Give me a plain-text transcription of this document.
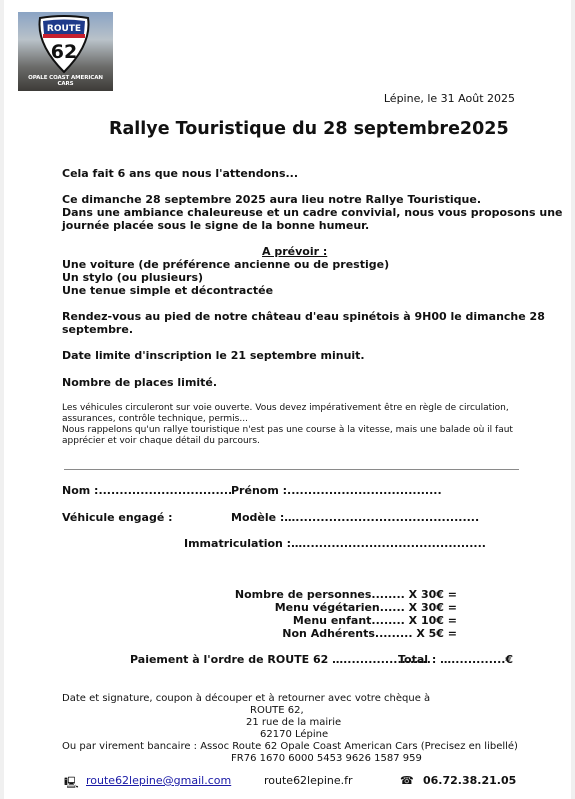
ROUTE
62
OPALE COAST AMERICAN CARS
Lépine, le 31 Août 2025
Rallye Touristique du 28 septembre2025
Cela fait 6 ans que nous l'attendons...
Ce dimanche 28 septembre 2025 aura lieu notre Rallye Touristique.
Dans une ambiance chaleureuse et un cadre convivial, nous vous proposons une
journée placée sous le signe de la bonne humeur.
A prévoir :
Une voiture (de préférence ancienne ou de prestige)
Un stylo (ou plusieurs)
Une tenue simple et décontractée
Rendez-vous au pied de notre château d'eau spinétois à 9H00 le dimanche 28
septembre.
Date limite d'inscription le 21 septembre minuit.
Nombre de places limité.
Les véhicules circuleront sur voie ouverte. Vous devez impérativement être en règle de circulation,
assurances, contrôle technique, permis...
Nous rappelons qu'un rallye touristique n'est pas une course à la vitesse, mais une balade où il faut
apprécier et voir chaque détail du parcours.
Nom :................................
Prénom :.....................................
Véhicule engagé :	Modèle :…............................................
Immatriculation :…............................................
Nombre de personnes........ X 30€ =
Menu végétarien...... X 30€ =
Menu enfant........ X 10€ =
Non Adhérents......... X 5€ =
Paiement à l'ordre de ROUTE 62 ….....................
Total : ….............€
Date et signature, coupon à découper et à retourner avec votre chèque à
ROUTE 62,
21 rue de la mairie
62170 Lépine
Ou par virement bancaire : Assoc Route 62 Opale Coast American Cars (Precisez en libellé)
FR76 1670 6000 5453 9626 1587 959
🖳 route62lepine@gmail.com	route62lepine.fr	☎ 06.72.38.21.05
